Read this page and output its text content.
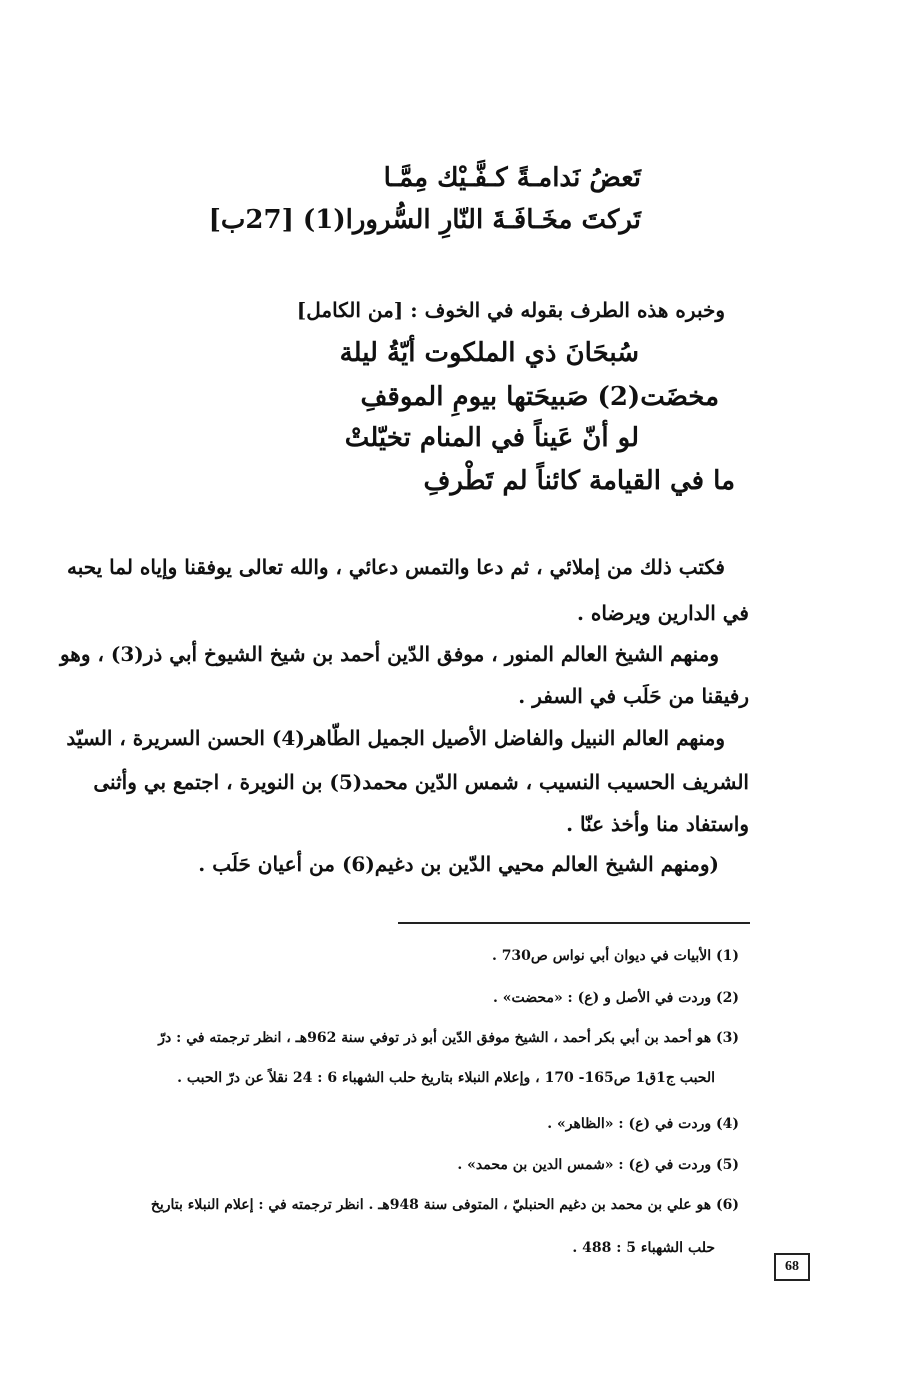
تَعضُ نَدامـةً كـفَّـيْك مِمَّـا
تَركتَ مخَـافَـةَ النّارِ السُّرورا(1) [27ب]
وخبره هذه الطرف بقوله في الخوف : [من الكامل]
سُبحَانَ ذي الملكوت أيّةُ ليلة
مخضَت(2) صَبيحَتها بيومِ الموقفِ
لو أنّ عَيناً في المنام تخيّلتْ
ما في القيامة كائناً لم تَطْرفِ
فكتب ذلك من إملائي ، ثم دعا والتمس دعائي ، والله تعالى يوفقنا وإياه لما يحبه
في الدارين ويرضاه .
ومنهم الشيخ العالم المنور ، موفق الدّين أحمد بن شيخ الشيوخ أبي ذر(3) ، وهو
رفيقنا من حَلَب في السفر .
ومنهم العالم النبيل والفاضل الأصيل الجميل الطّاهر(4) الحسن السريرة ، السيّد
الشريف الحسيب النسيب ، شمس الدّين محمد(5) بن النويرة ، اجتمع بي وأثنى
واستفاد منا وأخذ عنّا .
(ومنهم الشيخ العالم محيي الدّين بن دغيم(6) من أعيان حَلَب .
(1) الأبيات في ديوان أبي نواس ص730 .
(2) وردت في الأصل و (ع) : «محضت» .
(3) هو أحمد بن أبي بكر أحمد ، الشيخ موفق الدّين أبو ذر توفي سنة 962هـ ، انظر ترجمته في : درّ
الحبب ج1ق1 ص165- 170 ، وإعلام النبلاء بتاريخ حلب الشهباء 6 : 24 نقلاً عن درّ الحبب .
(4) وردت في (ع) : «الظاهر» .
(5) وردت في (ع) : «شمس الدين بن محمد» .
(6) هو علي بن محمد بن دغيم الحنبليّ ، المتوفى سنة 948هـ . انظر ترجمته في : إعلام النبلاء بتاريخ
حلب الشهباء 5 : 488 .
68
